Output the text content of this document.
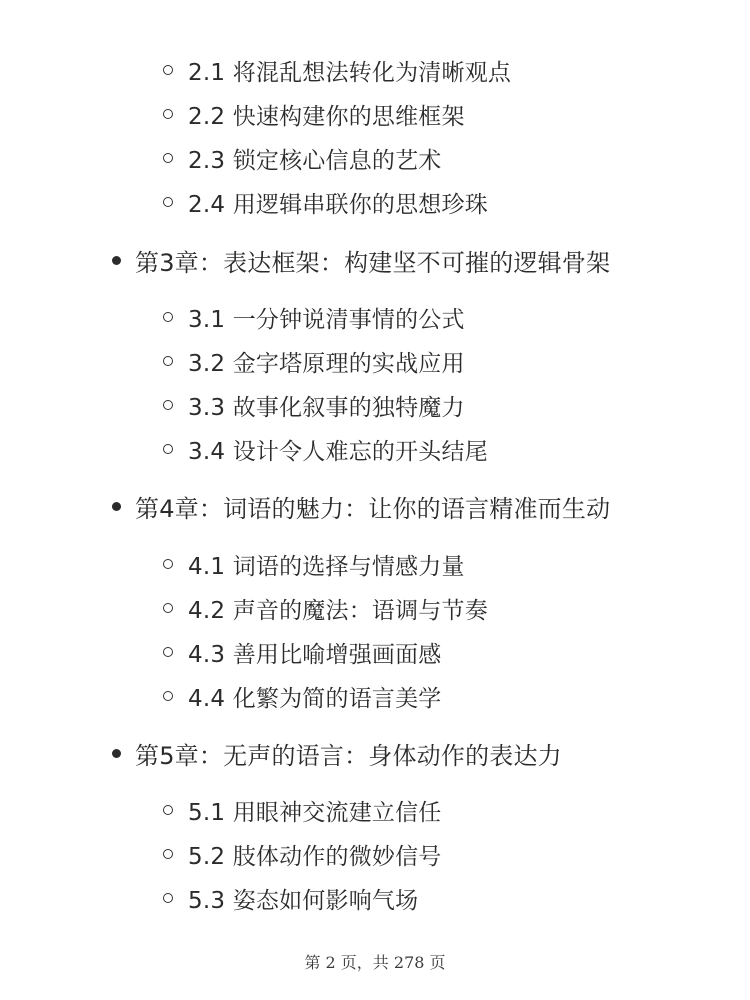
2.1 将混乱想法转化为清晰观点
2.2 快速构建你的思维框架
2.3 锁定核心信息的艺术
2.4 用逻辑串联你的思想珍珠
第3章：表达框架：构建坚不可摧的逻辑骨架
3.1 一分钟说清事情的公式
3.2 金字塔原理的实战应用
3.3 故事化叙事的独特魔力
3.4 设计令人难忘的开头结尾
第4章：词语的魅力：让你的语言精准而生动
4.1 词语的选择与情感力量
4.2 声音的魔法：语调与节奏
4.3 善用比喻增强画面感
4.4 化繁为简的语言美学
第5章：无声的语言：身体动作的表达力
5.1 用眼神交流建立信任
5.2 肢体动作的微妙信号
5.3 姿态如何影响气场
第 2 页，共 278 页
